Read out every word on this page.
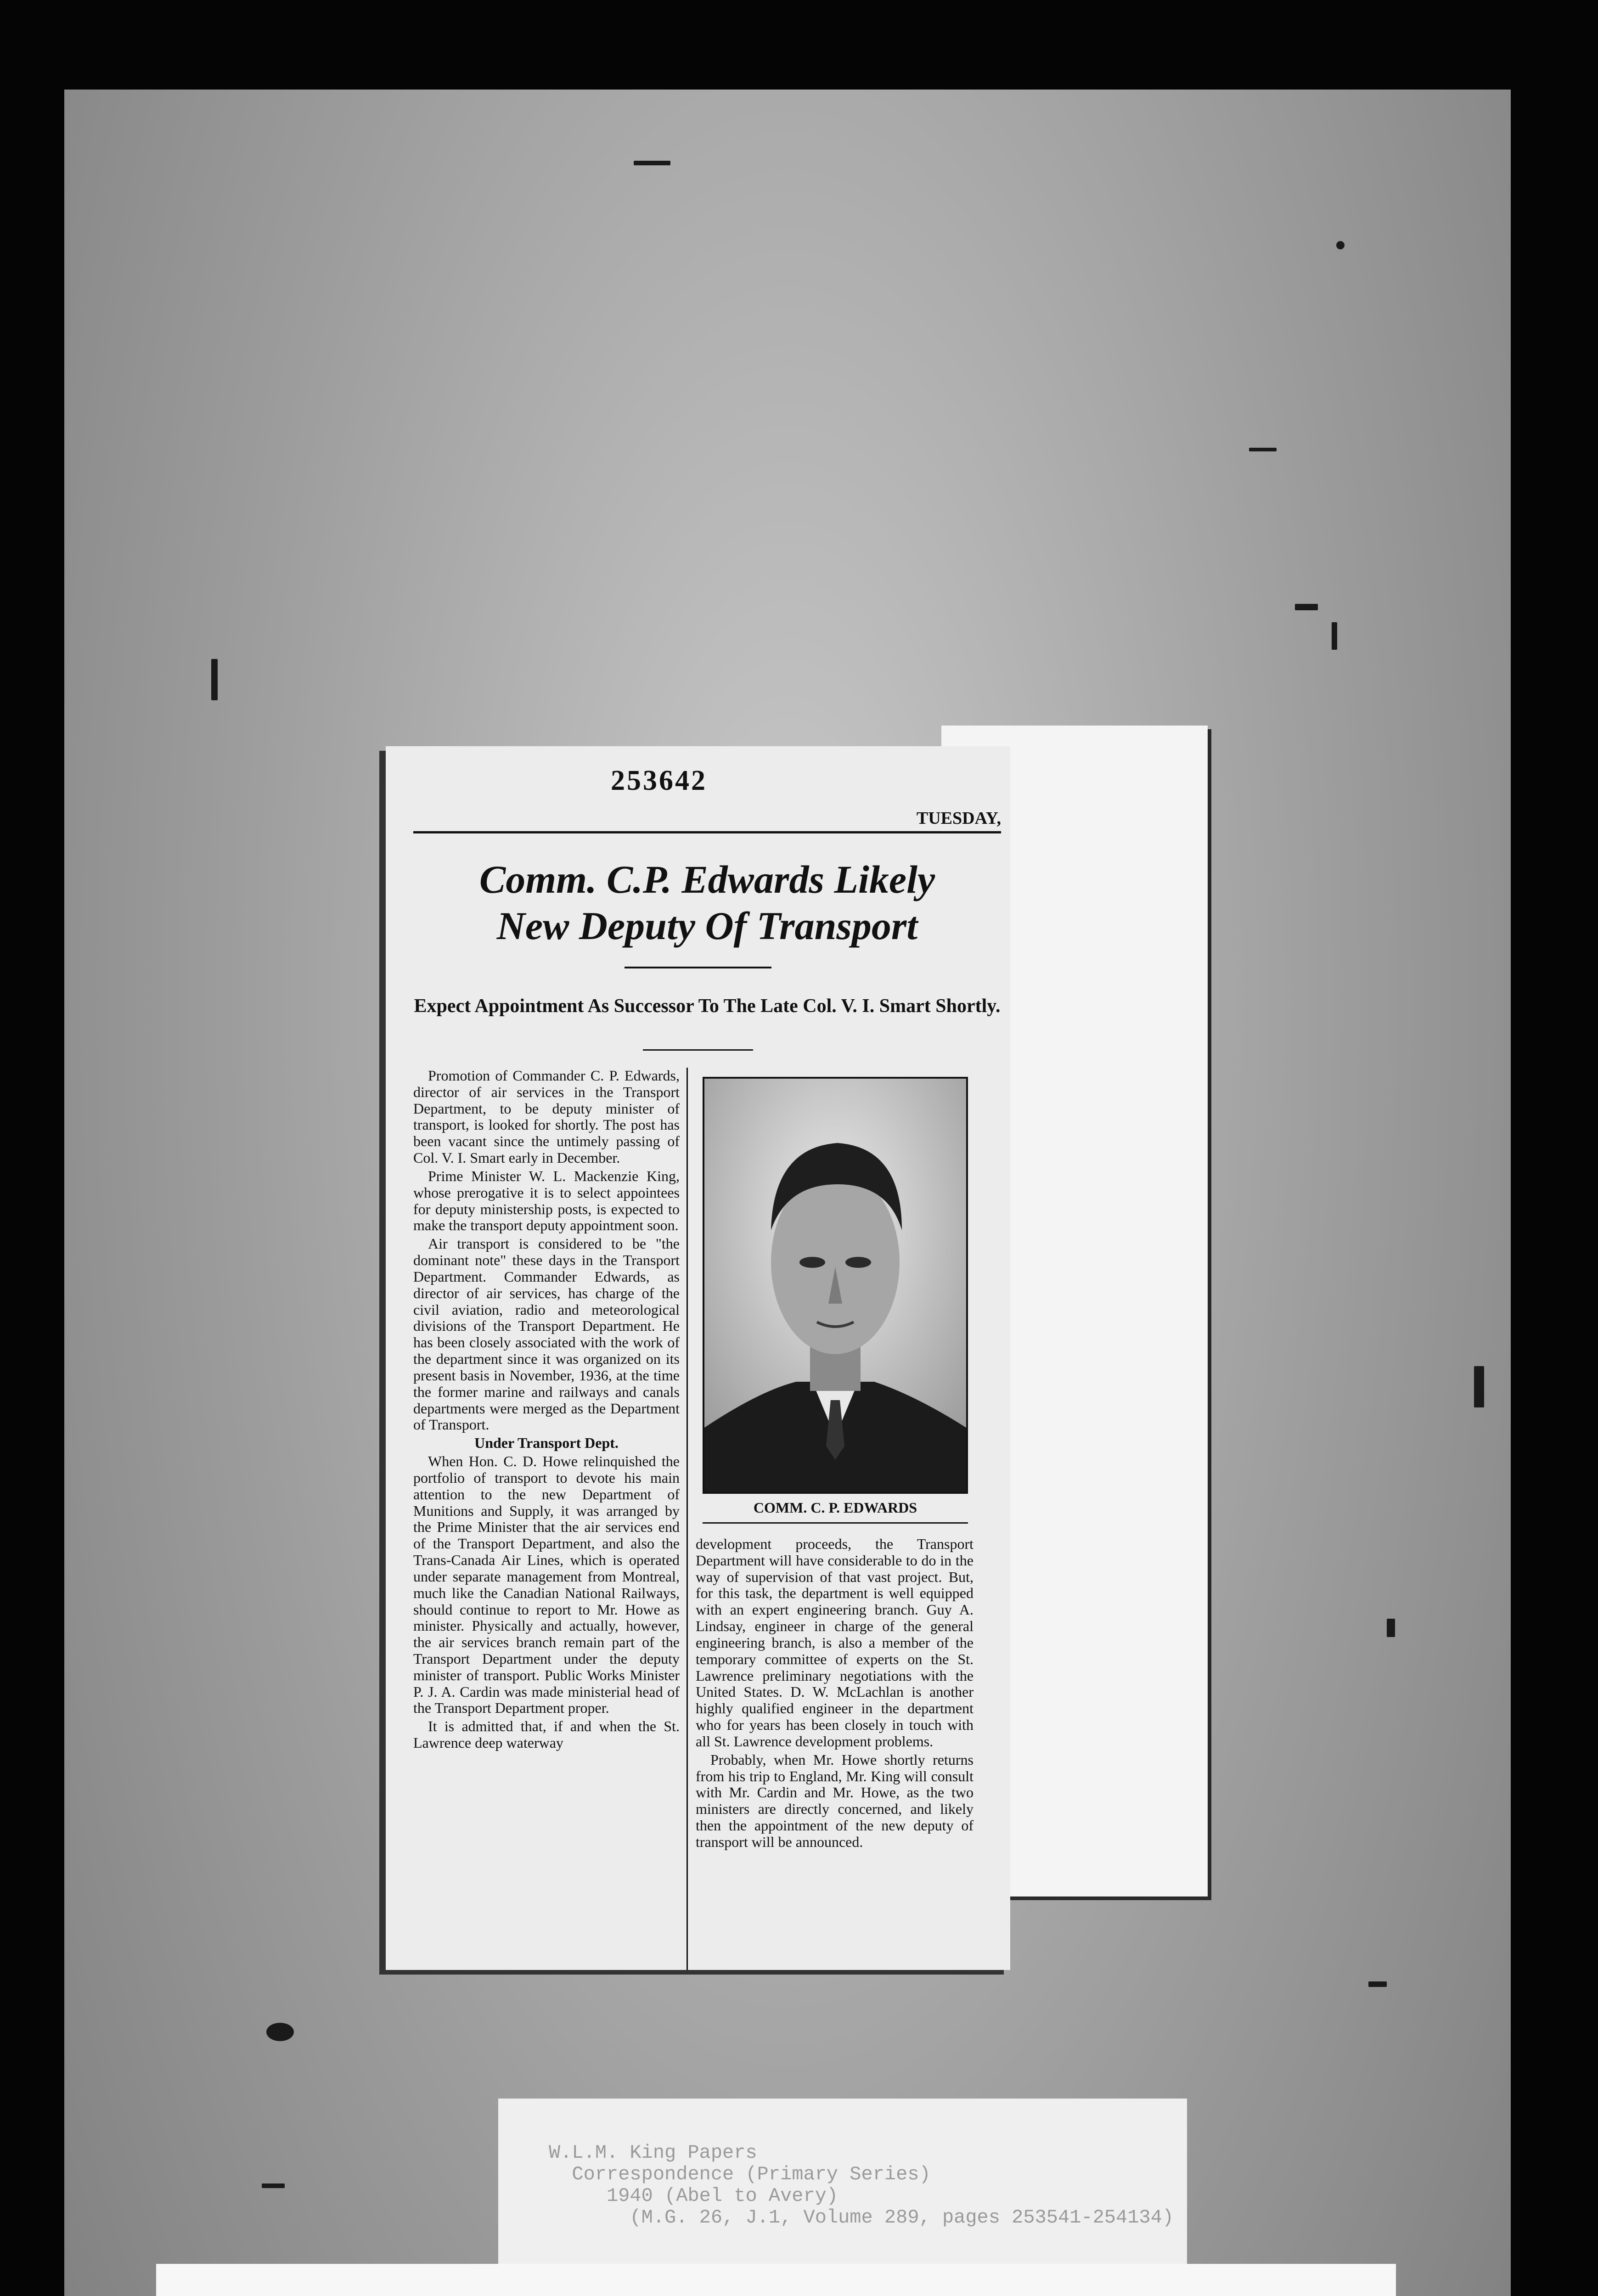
253642
TUESDAY,
Comm. C.P. Edwards Likely
New Deputy Of Transport

Expect Appointment As Successor To The Late Col. V. I. Smart Shortly.

Promotion of Commander C. P. Edwards, director of air services in the Transport Department, to be deputy minister of transport, is looked for shortly. The post has been vacant since the untimely passing of Col. V. I. Smart early in December.

Prime Minister W. L. Mackenzie King, whose prerogative it is to select appointees for deputy ministership posts, is expected to make the transport deputy appointment soon.

Air transport is considered to be "the dominant note" these days in the Transport Department. Commander Edwards, as director of air services, has charge of the civil aviation, radio and meteorological divisions of the Transport Department. He has been closely associated with the work of the department since it was organized on its present basis in November, 1936, at the time the former marine and railways and canals departments were merged as the Department of Transport.

Under Transport Dept.

When Hon. C. D. Howe relinquished the portfolio of transport to devote his main attention to the new Department of Munitions and Supply, it was arranged by the Prime Minister that the air services end of the Transport Department, and also the Trans-Canada Air Lines, which is operated under separate management from Montreal, much like the Canadian National Railways, should continue to report to Mr. Howe as minister. Physically and actually, however, the air services branch remain part of the Transport Department under the deputy minister of transport. Public Works Minister P. J. A. Cardin was made ministerial head of the Transport Department proper.

It is admitted that, if and when the St. Lawrence deep waterway

COMM. C. P. EDWARDS

development proceeds, the Transport Department will have considerable to do in the way of supervision of that vast project. But, for this task, the department is well equipped with an expert engineering branch. Guy A. Lindsay, engineer in charge of the general engineering branch, is also a member of the temporary committee of experts on the St. Lawrence preliminary negotiations with the United States. D. W. McLachlan is another highly qualified engineer in the department who for years has been closely in touch with all St. Lawrence development problems.

Probably, when Mr. Howe shortly returns from his trip to England, Mr. King will consult with Mr. Cardin and Mr. Howe, as the two ministers are directly concerned, and likely then the appointment of the new deputy of transport will be announced.

W.L.M. King Papers
Correspondence (Primary Series)
1940 (Abel to Avery)
(M.G. 26, J.1, Volume 289, pages 253541-254134)
